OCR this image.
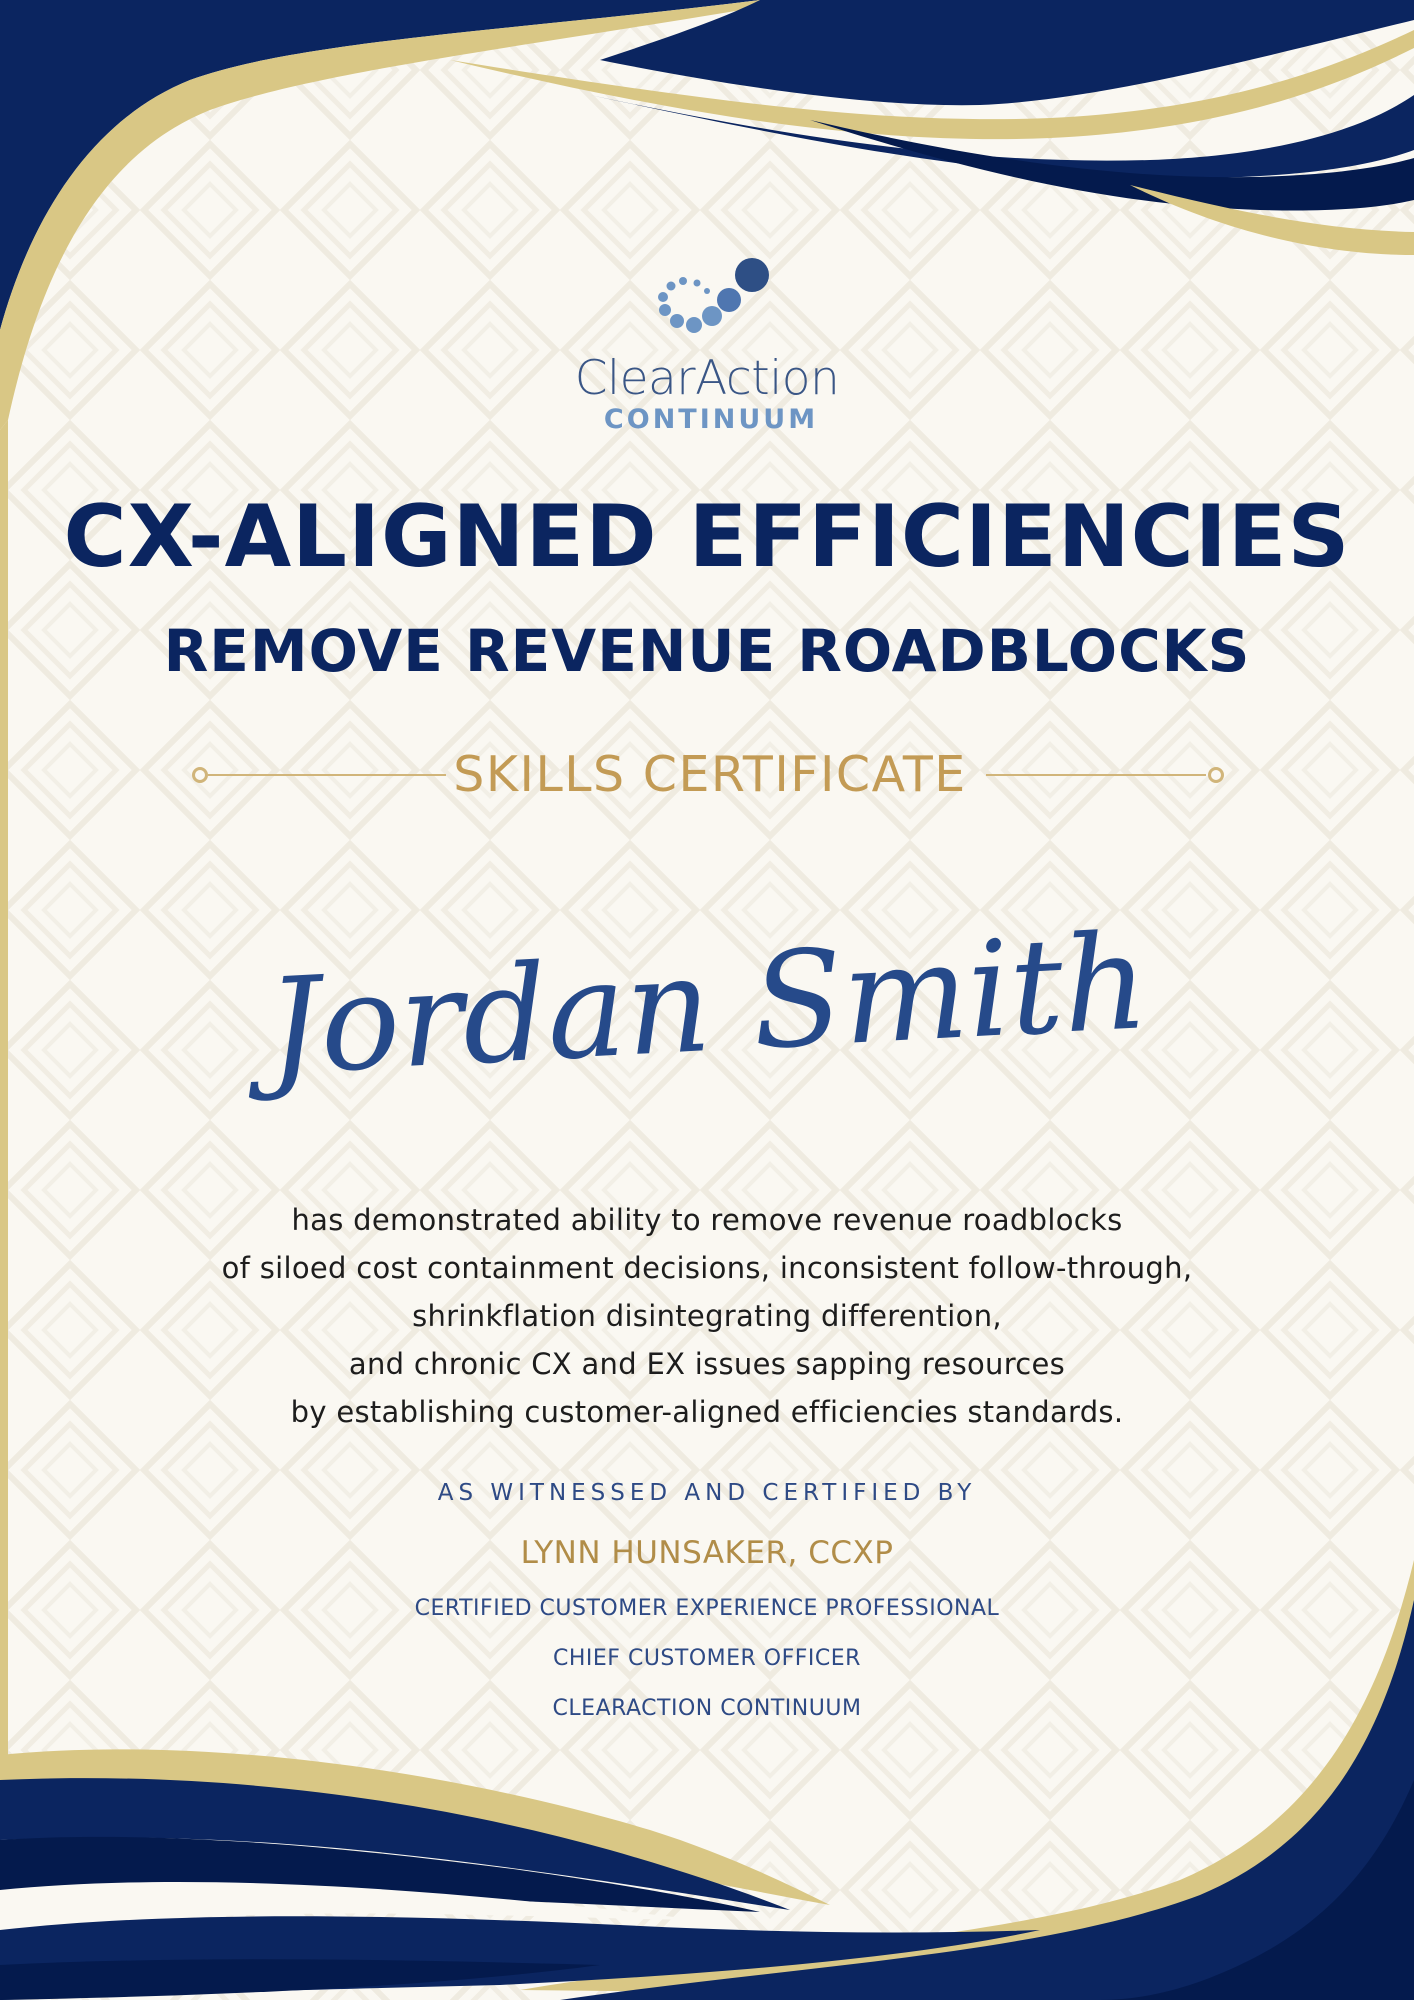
ClearAction
CONTINUUM
CX-ALIGNED EFFICIENCIES
REMOVE REVENUE ROADBLOCKS
SKILLS CERTIFICATE
Jordan Smith
has demonstrated ability to remove revenue roadblocks
of siloed cost containment decisions, inconsistent follow-through,
shrinkflation disintegrating differention,
and chronic CX and EX issues sapping resources
by establishing customer-aligned efficiencies standards.
AS WITNESSED AND CERTIFIED BY
LYNN HUNSAKER, CCXP
CERTIFIED CUSTOMER EXPERIENCE PROFESSIONAL
CHIEF CUSTOMER OFFICER
CLEARACTION CONTINUUM
